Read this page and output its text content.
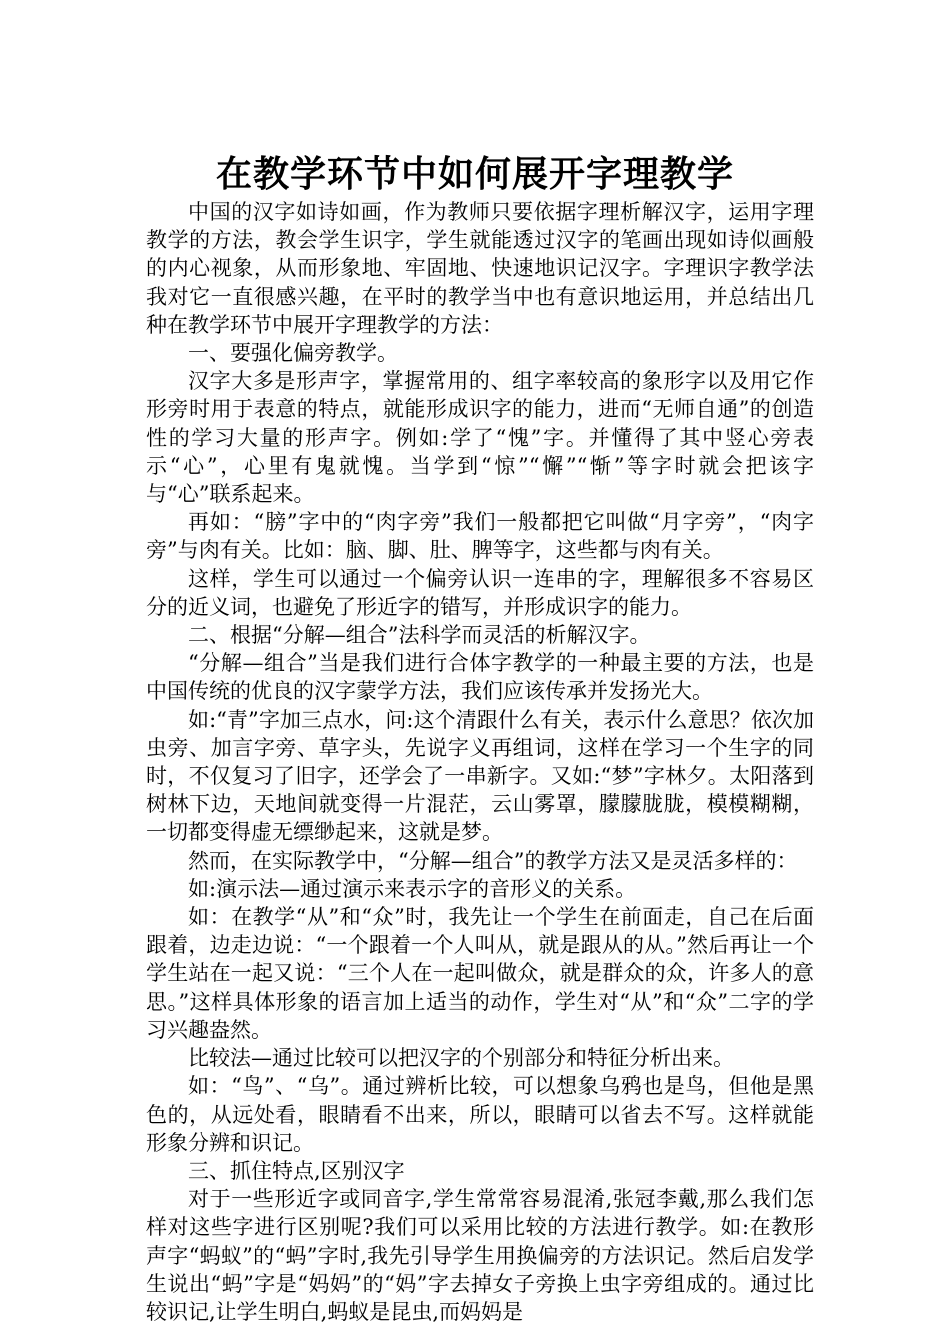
在教学环节中如何展开字理教学

中国的汉字如诗如画，作为教师只要依据字理析解汉字，运用字理教学的方法，教会学生识字，学生就能透过汉字的笔画出现如诗似画般的内心视象，从而形象地、牢固地、快速地识记汉字。字理识字教学法我对它一直很感兴趣，在平时的教学当中也有意识地运用，并总结出几种在教学环节中展开字理教学的方法：

一、要强化偏旁教学。

汉字大多是形声字，掌握常用的、组字率较高的象形字以及用它作形旁时用于表意的特点，就能形成识字的能力，进而“无师自通”的创造性的学习大量的形声字。例如:学了“愧”字。并懂得了其中竖心旁表示“心”，心里有鬼就愧。当学到“惊”“懈”“惭”等字时就会把该字与“心”联系起来。

再如：“膀”字中的“肉字旁”我们一般都把它叫做“月字旁”，“肉字旁”与肉有关。比如：脑、脚、肚、脾等字，这些都与肉有关。

这样，学生可以通过一个偏旁认识一连串的字，理解很多不容易区分的近义词，也避免了形近字的错写，并形成识字的能力。

二、根据“分解—组合”法科学而灵活的析解汉字。

“分解—组合”当是我们进行合体字教学的一种最主要的方法，也是中国传统的优良的汉字蒙学方法，我们应该传承并发扬光大。

如:“青”字加三点水，问:这个清跟什么有关，表示什么意思？依次加虫旁、加言字旁、草字头，先说字义再组词，这样在学习一个生字的同时，不仅复习了旧字，还学会了一串新字。又如:“梦”字林夕。太阳落到树林下边，天地间就变得一片混茫，云山雾罩，朦朦胧胧，模模糊糊，一切都变得虚无缥缈起来，这就是梦。

然而，在实际教学中，“分解—组合”的教学方法又是灵活多样的：

如:演示法—通过演示来表示字的音形义的关系。

如：在教学“从”和“众”时，我先让一个学生在前面走，自己在后面跟着，边走边说：“一个跟着一个人叫从，就是跟从的从。”然后再让一个学生站在一起又说：“三个人在一起叫做众，就是群众的众，许多人的意思。”这样具体形象的语言加上适当的动作，学生对“从”和“众”二字的学习兴趣盎然。

比较法—通过比较可以把汉字的个别部分和特征分析出来。

如：“鸟”、“乌”。通过辨析比较，可以想象乌鸦也是鸟，但他是黑色的，从远处看，眼睛看不出来，所以，眼睛可以省去不写。这样就能形象分辨和识记。

三、抓住特点,区别汉字

对于一些形近字或同音字,学生常常容易混淆,张冠李戴,那么我们怎样对这些字进行区别呢?我们可以采用比较的方法进行教学。如:在教形声字“蚂蚁”的“蚂”字时,我先引导学生用换偏旁的方法识记。然后启发学生说出“蚂”字是“妈妈”的“妈”字去掉女子旁换上虫字旁组成的。通过比较识记,让学生明白,蚂蚁是昆虫,而妈妈是
